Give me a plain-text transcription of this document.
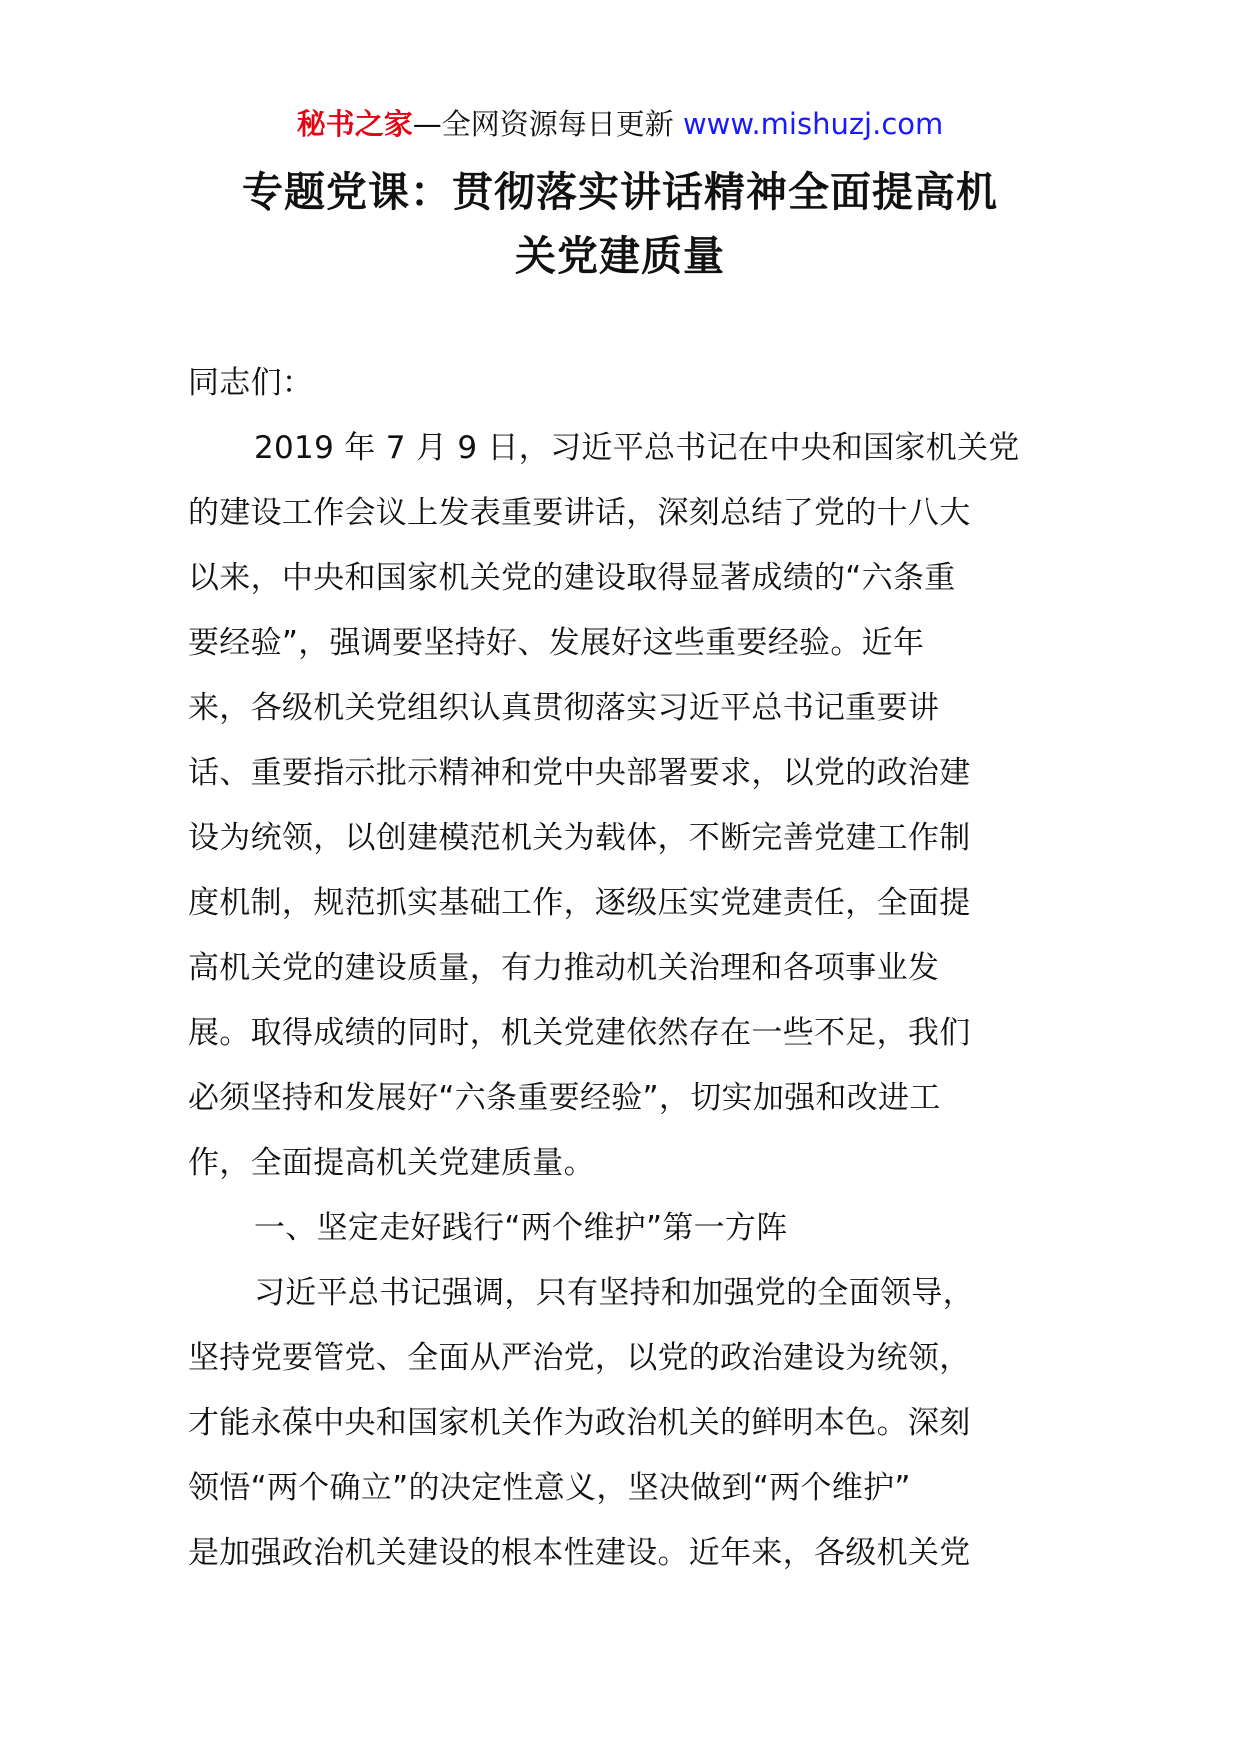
秘书之家—全网资源每日更新 www.mishuzj.com
专题党课：贯彻落实讲话精神全面提高机
关党建质量
同志们：
2019 年 7 月 9 日，习近平总书记在中央和国家机关党
的建设工作会议上发表重要讲话，深刻总结了党的十八大
以来，中央和国家机关党的建设取得显著成绩的“六条重
要经验”，强调要坚持好、发展好这些重要经验。近年
来，各级机关党组织认真贯彻落实习近平总书记重要讲
话、重要指示批示精神和党中央部署要求，以党的政治建
设为统领，以创建模范机关为载体，不断完善党建工作制
度机制，规范抓实基础工作，逐级压实党建责任，全面提
高机关党的建设质量，有力推动机关治理和各项事业发
展。取得成绩的同时，机关党建依然存在一些不足，我们
必须坚持和发展好“六条重要经验”，切实加强和改进工
作，全面提高机关党建质量。
一、坚定走好践行“两个维护”第一方阵
习近平总书记强调，只有坚持和加强党的全面领导，
坚持党要管党、全面从严治党，以党的政治建设为统领，
才能永葆中央和国家机关作为政治机关的鲜明本色。深刻
领悟“两个确立”的决定性意义，坚决做到“两个维护”
是加强政治机关建设的根本性建设。近年来，各级机关党
